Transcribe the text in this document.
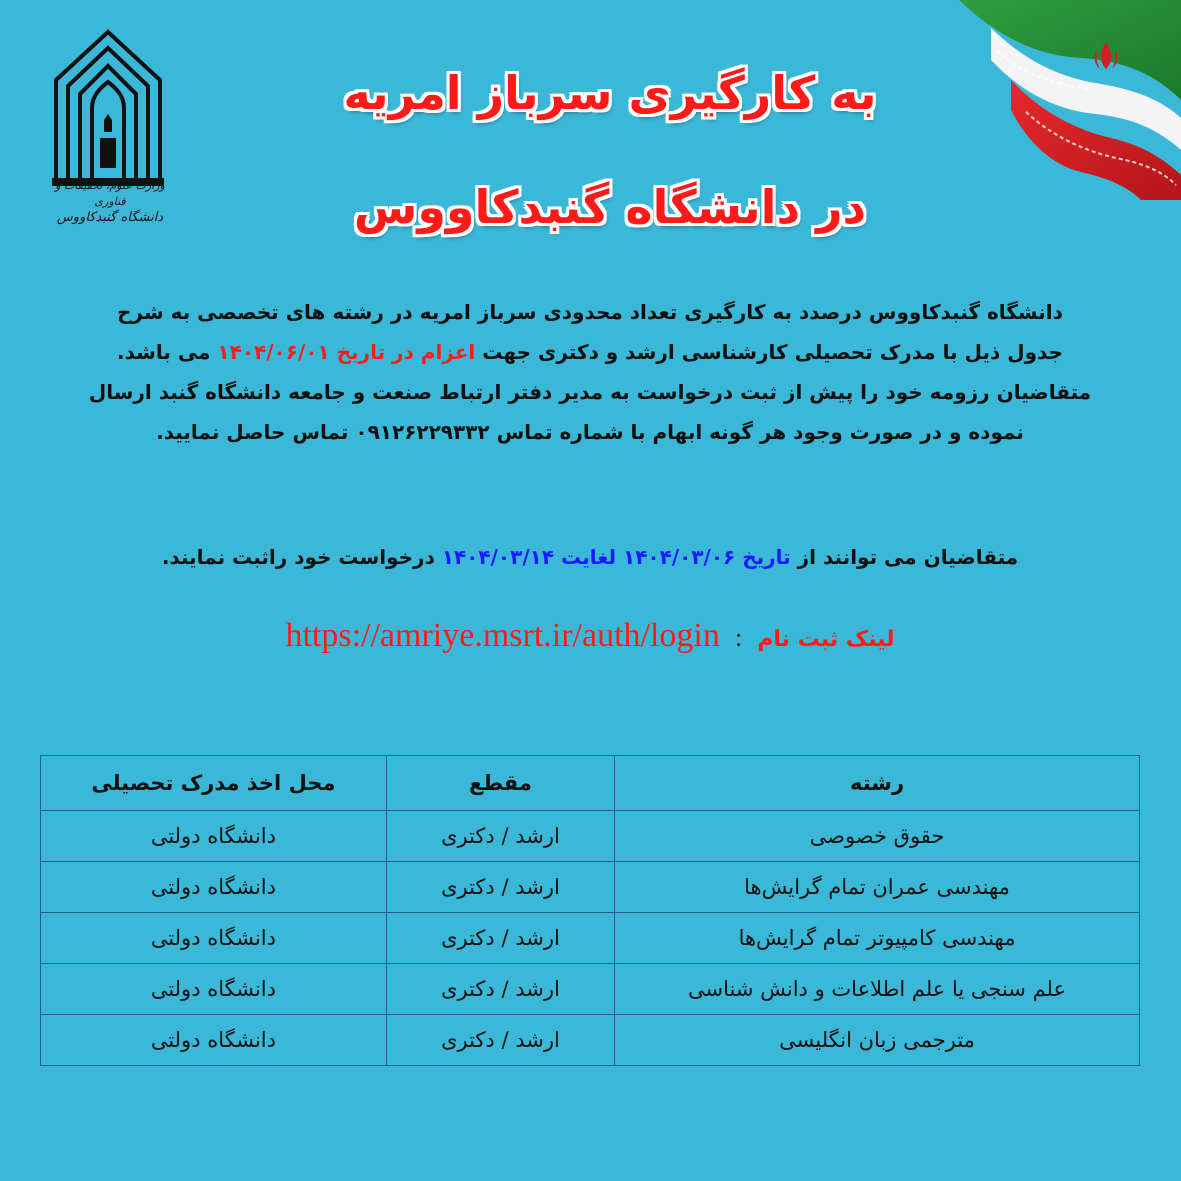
وزارت علوم، تحقیقات و فناوری
دانشگاه گنبدکاووس
به کارگیری سرباز امریه
در دانشگاه گنبدکاووس
دانشگاه گنبدکاووس درصدد به کارگیری تعداد محدودی سرباز امریه در رشته های تخصصی به شرح
جدول ذیل با مدرک تحصیلی کارشناسی ارشد و دکتری جهت اعزام در تاریخ ۱۴۰۴/۰۶/۰۱ می باشد.
متقاضیان رزومه خود را پیش از ثبت درخواست به مدیر دفتر ارتباط صنعت و جامعه دانشگاه گنبد ارسال
نموده و در صورت وجود هر گونه ابهام با شماره تماس ۰۹۱۲۶۲۲۹۳۳۲ تماس حاصل نمایید.
متقاضیان می توانند از تاریخ ۱۴۰۴/۰۳/۰۶ لغایت ۱۴۰۴/۰۳/۱۴ درخواست خود راثبت نمایند.
https://amriye.msrt.ir/auth/login : لینک ثبت نام
رشته	مقطع	محل اخذ مدرک تحصیلی
حقوق خصوصی	ارشد / دکتری	دانشگاه دولتی
مهندسی عمران تمام گرایش‌ها	ارشد / دکتری	دانشگاه دولتی
مهندسی کامپیوتر تمام گرایش‌ها	ارشد / دکتری	دانشگاه دولتی
علم سنجی یا علم اطلاعات و دانش شناسی	ارشد / دکتری	دانشگاه دولتی
مترجمی زبان انگلیسی	ارشد / دکتری	دانشگاه دولتی
